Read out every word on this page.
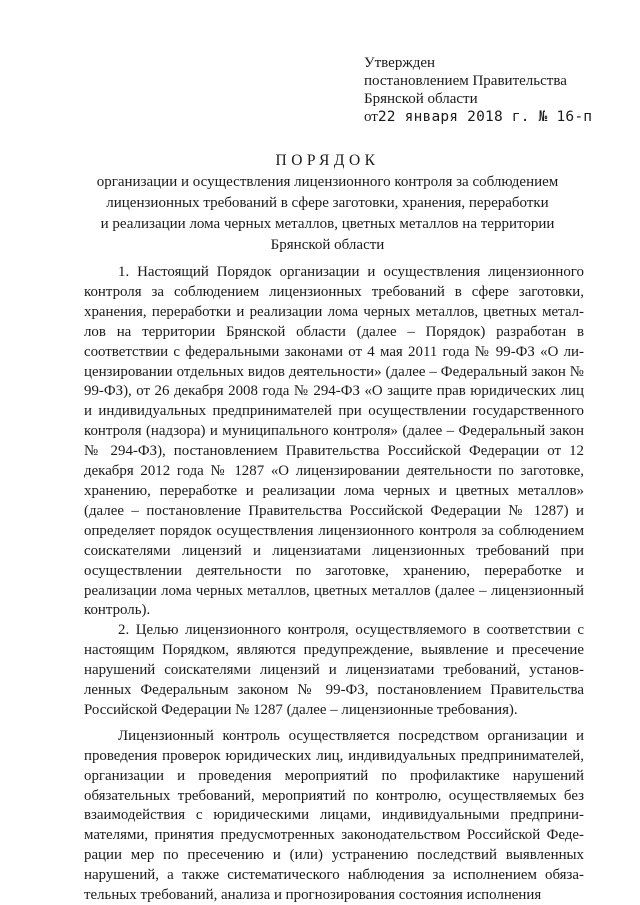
Утвержден
постановлением Правительства
Брянской области
от22 января 2018 г. № 16-п
ПОРЯДОК
организации и осуществления лицензионного контроля за соблюдением
лицензионных требований в сфере заготовки, хранения, переработки
и реализации лома черных металлов, цветных металлов на территории
Брянской области

1. Настоящий Порядок организации и осуществления лицензионного контроля за соблюдением лицензионных требований в сфере заготовки, хранения, переработки и реализации лома черных металлов, цветных металлов на территории Брянской области (далее – Порядок) разработан в соответствии с федеральными законами от 4 мая 2011 года № 99-ФЗ «О лицензировании отдельных видов деятельности» (далее – Федеральный закон № 99-ФЗ), от 26 декабря 2008 года № 294-ФЗ «О защите прав юридических лиц и индивидуальных предпринимателей при осуществлении государственного контроля (надзора) и муниципального контроля» (далее – Федеральный закон № 294-ФЗ), постановлением Правительства Российской Федерации от 12 декабря 2012 года № 1287 «О лицензировании деятельности по заготовке, хранению, переработке и реализации лома черных и цветных металлов» (далее – постановление Правительства Российской Федерации № 1287) и определяет порядок осуществления лицензионного контроля за соблюдением соискателями лицензий и лицензиатами лицензионных требований при осуществлении деятельности по заготовке, хранению, переработке и реализации лома черных металлов, цветных металлов (далее – лицензионный контроль).

2. Целью лицензионного контроля, осуществляемого в соответствии с настоящим Порядком, являются предупреждение, выявление и пресечение нарушений соискателями лицензий и лицензиатами требований, установленных Федеральным законом № 99-ФЗ, постановлением Правительства Российской Федерации № 1287 (далее – лицензионные требования).

Лицензионный контроль осуществляется посредством организации и проведения проверок юридических лиц, индивидуальных предпринимателей, организации и проведения мероприятий по профилактике нарушений обязательных требований, мероприятий по контролю, осуществляемых без взаимодействия с юридическими лицами, индивидуальными предпринимателями, принятия предусмотренных законодательством Российской Федерации мер по пресечению и (или) устранению последствий выявленных нарушений, а также систематического наблюдения за исполнением обязательных требований, анализа и прогнозирования состояния исполнения
